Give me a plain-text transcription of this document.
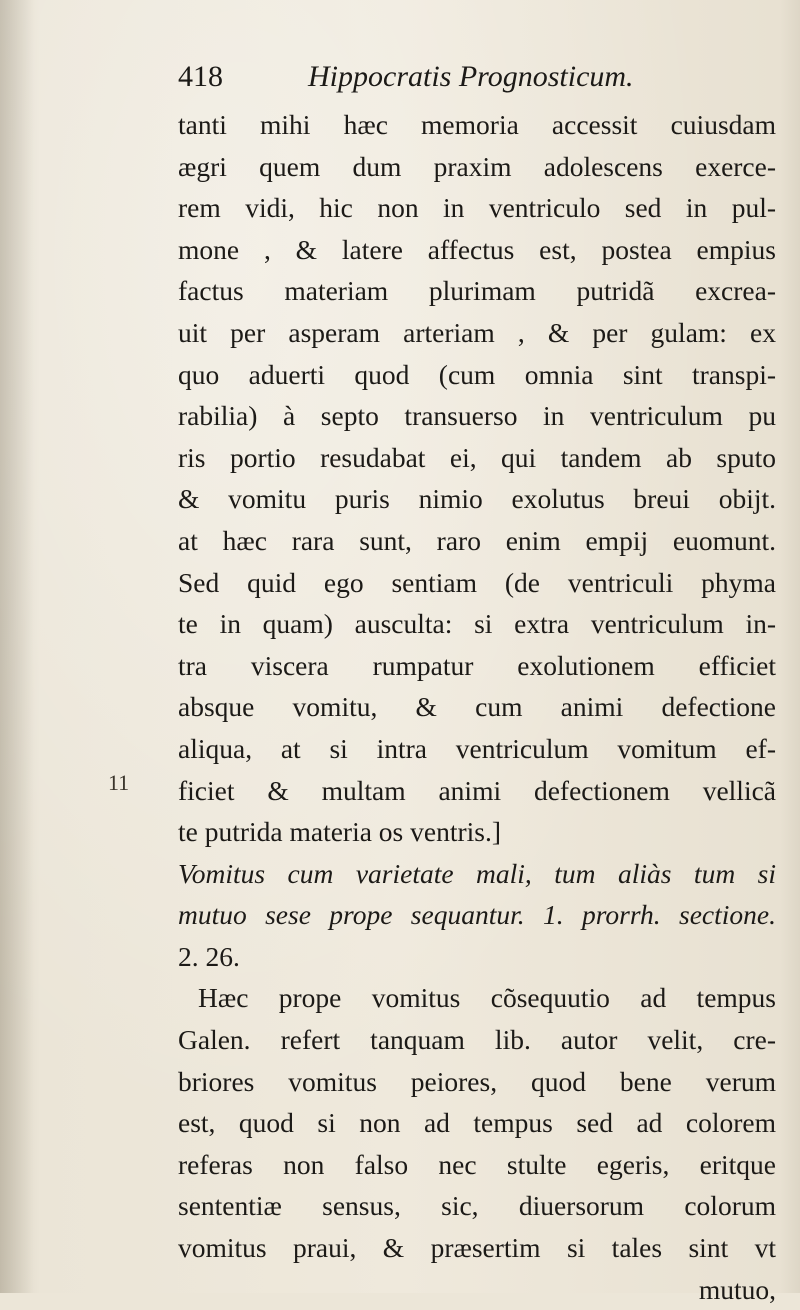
418	Hippocratis Prognosticum.
11
tanti mihi hæc memoria accessit cuiusdam
ægri quem dum praxim adolescens exerce-
rem vidi, hic non in ventriculo sed in pul-
mone , & latere affectus est, postea empius
factus materiam plurimam putridã excrea-
uit per asperam arteriam , & per gulam: ex
quo aduerti quod (cum omnia sint transpi-
rabilia) à septo transuerso in ventriculum pu
ris portio resudabat ei, qui tandem ab sputo
& vomitu puris nimio exolutus breui obijt.
at hæc rara sunt, raro enim empij euomunt.
Sed quid ego sentiam (de ventriculi phyma
te in quam) ausculta: si extra ventriculum in-
tra viscera rumpatur exolutionem efficiet
absque vomitu, & cum animi defectione
aliqua, at si intra ventriculum vomitum ef-
ficiet & multam animi defectionem vellicã
te putrida materia os ventris.]
Vomitus cum varietate mali, tum aliàs tum si
mutuo sese prope sequantur. 1. prorrh. sectione.
2. 26.
Hæc prope vomitus cõsequutio ad tempus
Galen. refert tanquam lib. autor velit, cre-
briores vomitus peiores, quod bene verum
est, quod si non ad tempus sed ad colorem
referas non falso nec stulte egeris, eritque
sententiæ sensus, sic, diuersorum colorum
vomitus praui, & præsertim si tales sint vt
mutuo,
